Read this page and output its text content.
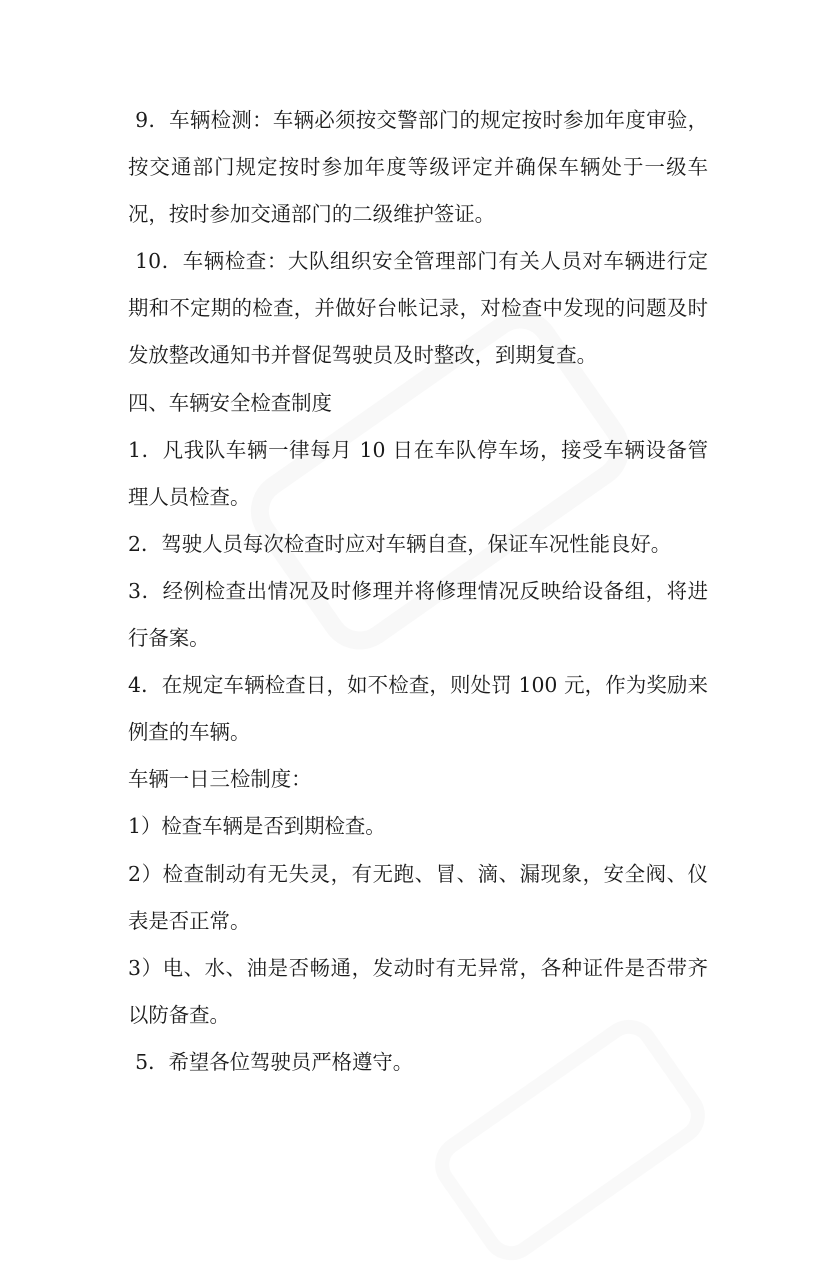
9．车辆检测：车辆必须按交警部门的规定按时参加年度审验，按交通部门规定按时参加年度等级评定并确保车辆处于一级车况，按时参加交通部门的二级维护签证。

10．车辆检查：大队组织安全管理部门有关人员对车辆进行定期和不定期的检查，并做好台帐记录，对检查中发现的问题及时发放整改通知书并督促驾驶员及时整改，到期复查。

四、车辆安全检查制度

1．凡我队车辆一律每月 10 日在车队停车场，接受车辆设备管理人员检查。

2．驾驶人员每次检查时应对车辆自查，保证车况性能良好。

3．经例检查出情况及时修理并将修理情况反映给设备组，将进行备案。

4．在规定车辆检查日，如不检查，则处罚 100 元，作为奖励来例查的车辆。

车辆一日三检制度：

1）检查车辆是否到期检查。

2）检查制动有无失灵，有无跑、冒、滴、漏现象，安全阀、仪表是否正常。

3）电、水、油是否畅通，发动时有无异常，各种证件是否带齐以防备查。

5．希望各位驾驶员严格遵守。
